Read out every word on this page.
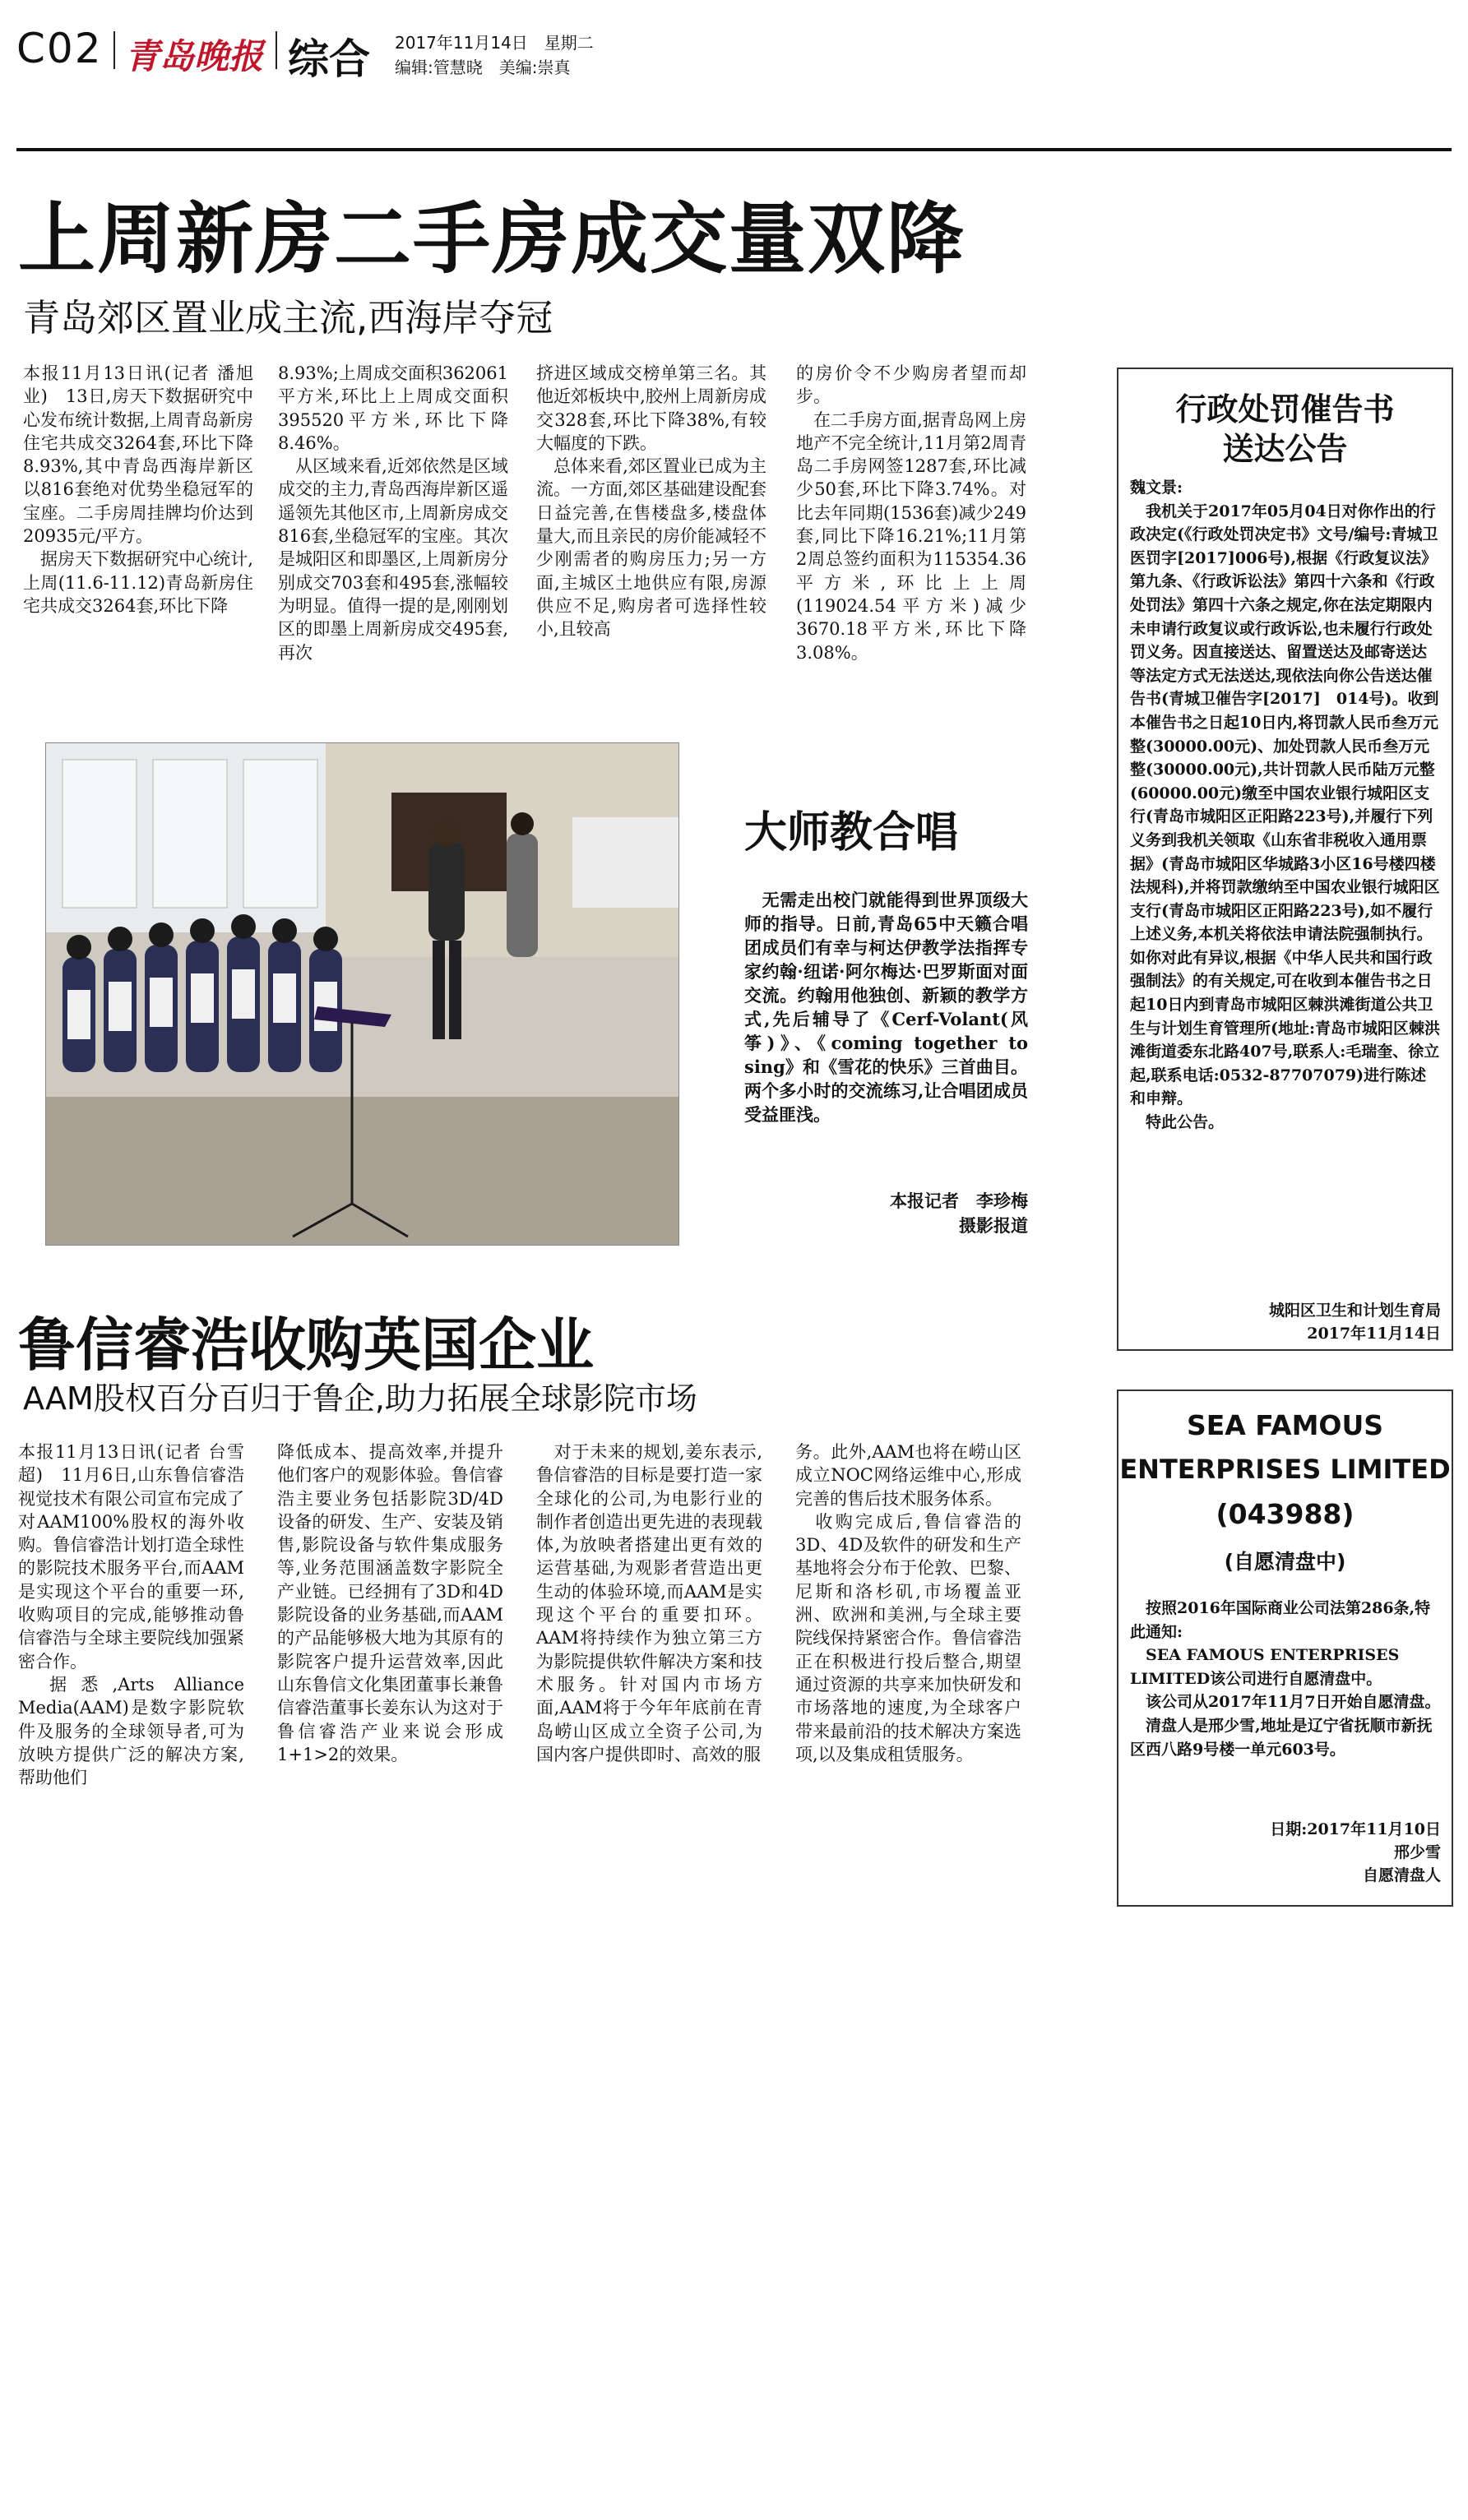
C02 青岛晚报 综合 2017年11月14日　星期二
编辑:管慧晓　美编:崇真
上周新房二手房成交量双降
青岛郊区置业成主流,西海岸夺冠
本报11月13日讯(记者 潘旭业)　13日,房天下数据研究中心发布统计数据,上周青岛新房住宅共成交3264套,环比下降8.93%,其中青岛西海岸新区以816套绝对优势坐稳冠军的宝座。二手房周挂牌均价达到20935元/平方。
　据房天下数据研究中心统计,上周(11.6-11.12)青岛新房住宅共成交3264套,环比下降
8.93%;上周成交面积362061平方米,环比上上周成交面积395520平方米,环比下降8.46%。
　从区域来看,近郊依然是区域成交的主力,青岛西海岸新区遥遥领先其他区市,上周新房成交816套,坐稳冠军的宝座。其次是城阳区和即墨区,上周新房分别成交703套和495套,涨幅较为明显。值得一提的是,刚刚划区的即墨上周新房成交495套,再次
挤进区域成交榜单第三名。其他近郊板块中,胶州上周新房成交328套,环比下降38%,有较大幅度的下跌。
　总体来看,郊区置业已成为主流。一方面,郊区基础建设配套日益完善,在售楼盘多,楼盘体量大,而且亲民的房价能减轻不少刚需者的购房压力;另一方面,主城区土地供应有限,房源供应不足,购房者可选择性较小,且较高
的房价令不少购房者望而却步。
　在二手房方面,据青岛网上房地产不完全统计,11月第2周青岛二手房网签1287套,环比减少50套,环比下降3.74%。对比去年同期(1536套)减少249套,同比下降16.21%;11月第2周总签约面积为115354.36平方米,环比上上周(119024.54平方米)减少3670.18平方米,环比下降3.08%。
大师教合唱
　无需走出校门就能得到世界顶级大师的指导。日前,青岛65中天籁合唱团成员们有幸与柯达伊教学法指挥专家约翰·纽诺·阿尔梅达·巴罗斯面对面交流。约翰用他独创、新颖的教学方式,先后辅导了《Cerf-Volant(风筝)》、《coming together to sing》和《雪花的快乐》三首曲目。两个多小时的交流练习,让合唱团成员受益匪浅。
本报记者　李珍梅
摄影报道
鲁信睿浩收购英国企业
AAM股权百分百归于鲁企,助力拓展全球影院市场
本报11月13日讯(记者 台雪超)　11月6日,山东鲁信睿浩视觉技术有限公司宣布完成了对AAM100%股权的海外收购。鲁信睿浩计划打造全球性的影院技术服务平台,而AAM是实现这个平台的重要一环,收购项目的完成,能够推动鲁信睿浩与全球主要院线加强紧密合作。
　据悉,Arts Alliance Media(AAM)是数字影院软件及服务的全球领导者,可为放映方提供广泛的解决方案,帮助他们
降低成本、提高效率,并提升他们客户的观影体验。鲁信睿浩主要业务包括影院3D/4D设备的研发、生产、安装及销售,影院设备与软件集成服务等,业务范围涵盖数字影院全产业链。已经拥有了3D和4D影院设备的业务基础,而AAM的产品能够极大地为其原有的影院客户提升运营效率,因此山东鲁信文化集团董事长兼鲁信睿浩董事长姜东认为这对于鲁信睿浩产业来说会形成1+1>2的效果。
　对于未来的规划,姜东表示,鲁信睿浩的目标是要打造一家全球化的公司,为电影行业的制作者创造出更先进的表现载体,为放映者搭建出更有效的运营基础,为观影者营造出更生动的体验环境,而AAM是实现这个平台的重要扣环。AAM将持续作为独立第三方为影院提供软件解决方案和技术服务。针对国内市场方面,AAM将于今年年底前在青岛崂山区成立全资子公司,为国内客户提供即时、高效的服
务。此外,AAM也将在崂山区成立NOC网络运维中心,形成完善的售后技术服务体系。
　收购完成后,鲁信睿浩的3D、4D及软件的研发和生产基地将会分布于伦敦、巴黎、尼斯和洛杉矶,市场覆盖亚洲、欧洲和美洲,与全球主要院线保持紧密合作。鲁信睿浩正在积极进行投后整合,期望通过资源的共享来加快研发和市场落地的速度,为全球客户带来最前沿的技术解决方案选项,以及集成租赁服务。
行政处罚催告书
送达公告
魏文景:
　我机关于2017年05月04日对你作出的行政决定(《行政处罚决定书》文号/编号:青城卫医罚字[2017]006号),根据《行政复议法》第九条、《行政诉讼法》第四十六条和《行政处罚法》第四十六条之规定,你在法定期限内未申请行政复议或行政诉讼,也未履行行政处罚义务。因直接送达、留置送达及邮寄送达等法定方式无法送达,现依法向你公告送达催告书(青城卫催告字[2017]　014号)。收到本催告书之日起10日内,将罚款人民币叁万元整(30000.00元)、加处罚款人民币叁万元整(30000.00元),共计罚款人民币陆万元整(60000.00元)缴至中国农业银行城阳区支行(青岛市城阳区正阳路223号),并履行下列义务到我机关领取《山东省非税收入通用票据》(青岛市城阳区华城路3小区16号楼四楼法规科),并将罚款缴纳至中国农业银行城阳区支行(青岛市城阳区正阳路223号),如不履行上述义务,本机关将依法申请法院强制执行。如你对此有异议,根据《中华人民共和国行政强制法》的有关规定,可在收到本催告书之日起10日内到青岛市城阳区棘洪滩街道公共卫生与计划生育管理所(地址:青岛市城阳区棘洪滩街道委东北路407号,联系人:毛瑞奎、徐立起,联系电话:0532-87707079)进行陈述和申辩。
　特此公告。
城阳区卫生和计划生育局
2017年11月14日
SEA FAMOUS
ENTERPRISES LIMITED
(043988)
(自愿清盘中)
　按照2016年国际商业公司法第286条,特此通知:
　SEA FAMOUS ENTERPRISES LIMITED该公司进行自愿清盘中。
　该公司从2017年11月7日开始自愿清盘。
　清盘人是邢少雪,地址是辽宁省抚顺市新抚区西八路9号楼一单元603号。
日期:2017年11月10日
邢少雪
自愿清盘人
